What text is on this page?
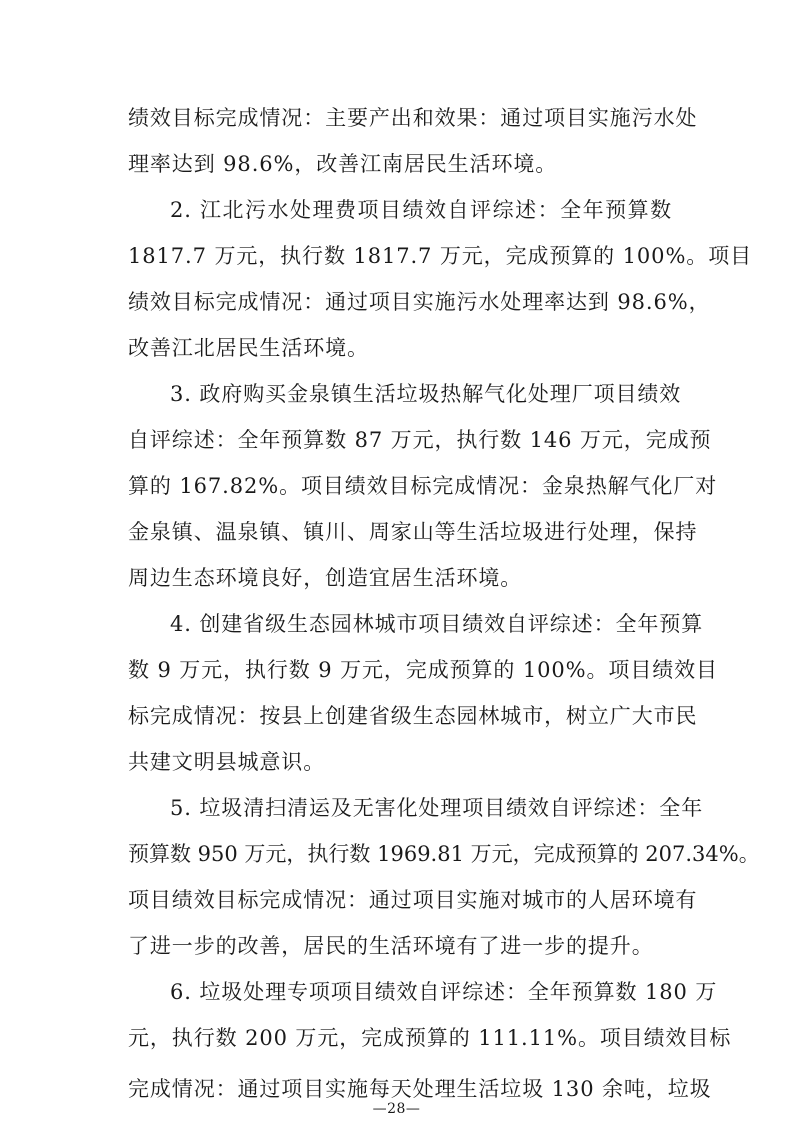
绩效目标完成情况：主要产出和效果：通过项目实施污水处
理率达到 98.6%，改善江南居民生活环境。
2. 江北污水处理费项目绩效自评综述：全年预算数
1817.7 万元，执行数 1817.7 万元，完成预算的 100%。项目
绩效目标完成情况：通过项目实施污水处理率达到 98.6%，
改善江北居民生活环境。
3. 政府购买金泉镇生活垃圾热解气化处理厂项目绩效
自评综述：全年预算数 87 万元，执行数 146 万元，完成预
算的 167.82%。项目绩效目标完成情况：金泉热解气化厂对
金泉镇、温泉镇、镇川、周家山等生活垃圾进行处理，保持
周边生态环境良好，创造宜居生活环境。
4. 创建省级生态园林城市项目绩效自评综述：全年预算
数 9 万元，执行数 9 万元，完成预算的 100%。项目绩效目
标完成情况：按县上创建省级生态园林城市，树立广大市民
共建文明县城意识。
5. 垃圾清扫清运及无害化处理项目绩效自评综述：全年
预算数 950 万元，执行数 1969.81 万元，完成预算的 207.34%。
项目绩效目标完成情况：通过项目实施对城市的人居环境有
了进一步的改善，居民的生活环境有了进一步的提升。
6. 垃圾处理专项项目绩效自评综述：全年预算数 180 万
元，执行数 200 万元，完成预算的 111.11%。项目绩效目标
完成情况：通过项目实施每天处理生活垃圾 130 余吨，垃圾
—28—
